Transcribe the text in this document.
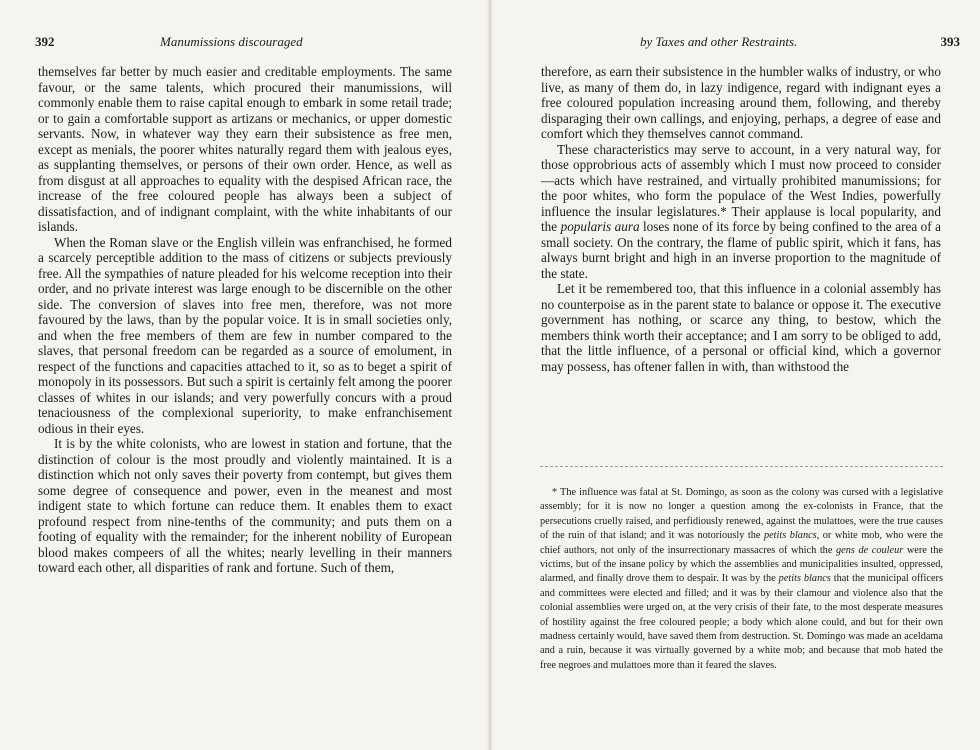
392	Manumissions discouraged

themselves far better by much easier and creditable employments. The same favour, or the same talents, which procured their manumissions, will commonly enable them to raise capital enough to embark in some retail trade; or to gain a comfortable support as artizans or mechanics, or upper domestic servants. Now, in whatever way they earn their subsistence as free men, except as menials, the poorer whites naturally regard them with jealous eyes, as supplanting themselves, or persons of their own order. Hence, as well as from disgust at all approaches to equality with the despised African race, the increase of the free coloured people has always been a subject of dissatisfaction, and of indignant complaint, with the white inhabitants of our islands.

When the Roman slave or the English villein was enfranchised, he formed a scarcely perceptible addition to the mass of citizens or subjects previously free. All the sympathies of nature pleaded for his welcome reception into their order, and no private interest was large enough to be discernible on the other side. The conversion of slaves into free men, therefore, was not more favoured by the laws, than by the popular voice. It is in small societies only, and when the free members of them are few in number compared to the slaves, that personal freedom can be regarded as a source of emolument, in respect of the functions and capacities attached to it, so as to beget a spirit of monopoly in its possessors. But such a spirit is certainly felt among the poorer classes of whites in our islands; and very powerfully concurs with a proud tenaciousness of the complexional superiority, to make enfranchisement odious in their eyes.

It is by the white colonists, who are lowest in station and fortune, that the distinction of colour is the most proudly and violently maintained. It is a distinction which not only saves their poverty from contempt, but gives them some degree of consequence and power, even in the meanest and most indigent state to which fortune can reduce them. It enables them to exact profound respect from nine-tenths of the community; and puts them on a footing of equality with the remainder; for the inherent nobility of European blood makes compeers of all the whites; nearly levelling in their manners toward each other, all disparities of rank and fortune. Such of them,

by Taxes and other Restraints.	393

therefore, as earn their subsistence in the humbler walks of industry, or who live, as many of them do, in lazy indigence, regard with indignant eyes a free coloured population increasing around them, following, and thereby disparaging their own callings, and enjoying, perhaps, a degree of ease and comfort which they themselves cannot command.

These characteristics may serve to account, in a very natural way, for those opprobrious acts of assembly which I must now proceed to consider—acts which have restrained, and virtually prohibited manumissions; for the poor whites, who form the populace of the West Indies, powerfully influence the insular legislatures.* Their applause is local popularity, and the popularis aura loses none of its force by being confined to the area of a small society. On the contrary, the flame of public spirit, which it fans, has always burnt bright and high in an inverse proportion to the magnitude of the state.

Let it be remembered too, that this influence in a colonial assembly has no counterpoise as in the parent state to balance or oppose it. The executive government has nothing, or scarce any thing, to bestow, which the members think worth their acceptance; and I am sorry to be obliged to add, that the little influence, of a personal or official kind, which a governor may possess, has oftener fallen in with, than withstood the

* The influence was fatal at St. Domingo, as soon as the colony was cursed with a legislative assembly; for it is now no longer a question among the ex-colonists in France, that the persecutions cruelly raised, and perfidiously renewed, against the mulattoes, were the true causes of the ruin of that island; and it was notoriously the petits blancs, or white mob, who were the chief authors, not only of the insurrectionary massacres of which the gens de couleur were the victims, but of the insane policy by which the assemblies and municipalities insulted, oppressed, alarmed, and finally drove them to despair. It was by the petits blancs that the municipal officers and committees were elected and filled; and it was by their clamour and violence also that the colonial assemblies were urged on, at the very crisis of their fate, to the most desperate measures of hostility against the free coloured people; a body which alone could, and but for their own madness certainly would, have saved them from destruction. St. Domingo was made an aceldama and a ruin, because it was virtually governed by a white mob; and because that mob hated the free negroes and mulattoes more than it feared the slaves.
